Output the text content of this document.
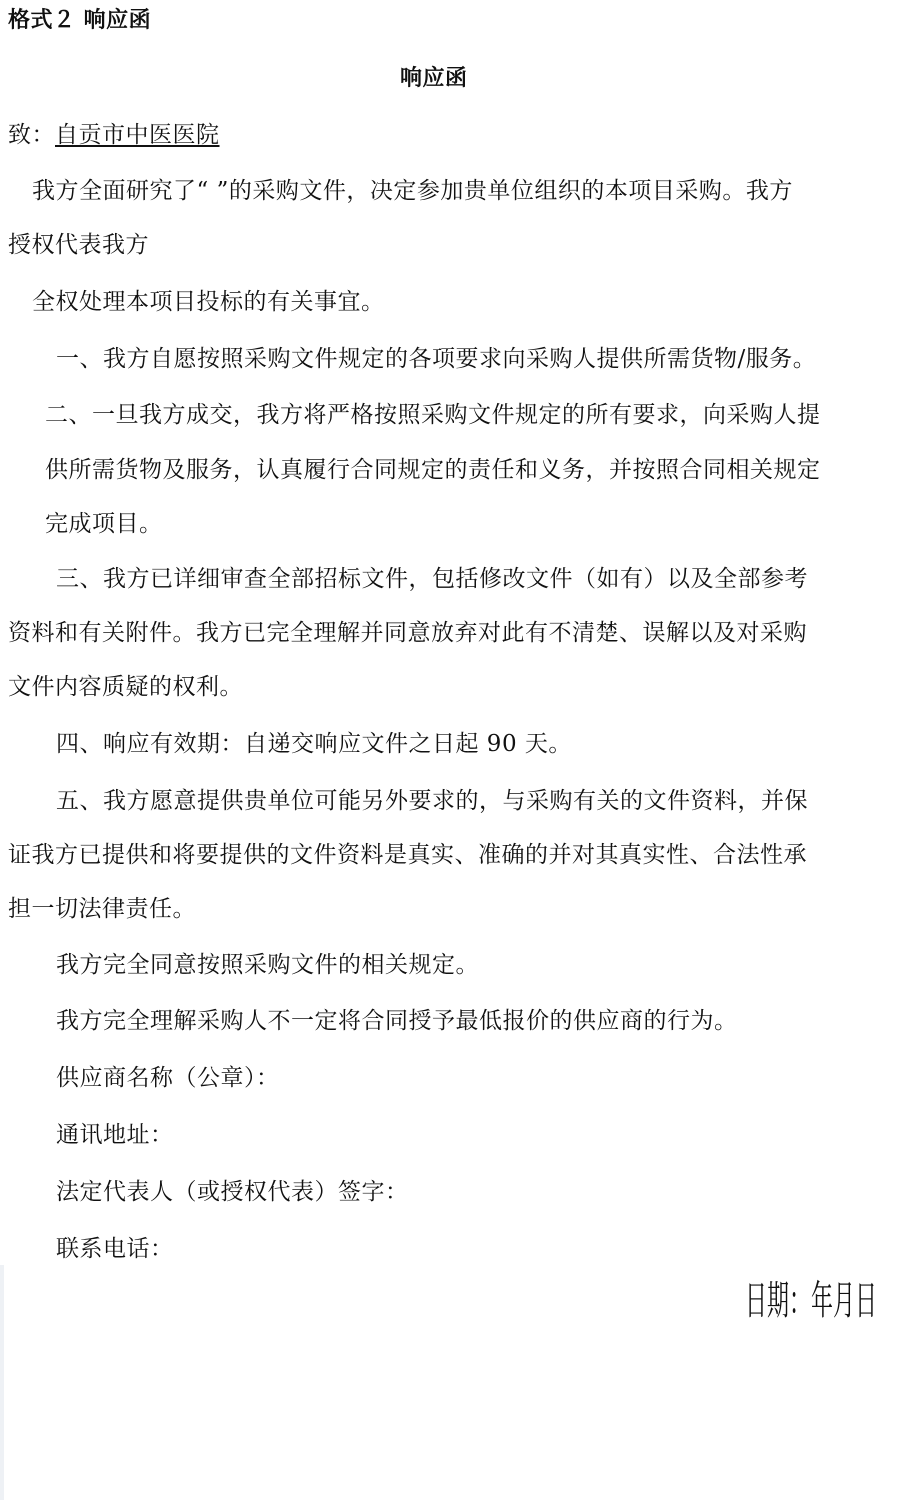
格式２ 响应函
响应函
致：自贡市中医医院
我方全面研究了“ ”的采购文件，决定参加贵单位组织的本项目采购。我方
授权代表我方
全权处理本项目投标的有关事宜。
一、我方自愿按照采购文件规定的各项要求向采购人提供所需货物/服务。
二、一旦我方成交，我方将严格按照采购文件规定的所有要求，向采购人提
供所需货物及服务，认真履行合同规定的责任和义务，并按照合同相关规定
完成项目。
三、我方已详细审查全部招标文件，包括修改文件（如有）以及全部参考
资料和有关附件。我方已完全理解并同意放弃对此有不清楚、误解以及对采购
文件内容质疑的权利。
四、响应有效期：自递交响应文件之日起 90 天。
五、我方愿意提供贵单位可能另外要求的，与采购有关的文件资料，并保
证我方已提供和将要提供的文件资料是真实、准确的并对其真实性、合法性承
担一切法律责任。
我方完全同意按照采购文件的相关规定。
我方完全理解采购人不一定将合同授予最低报价的供应商的行为。
供应商名称（公章）：
通讯地址：
法定代表人（或授权代表）签字：
联系电话：
日期： 年 月 日
